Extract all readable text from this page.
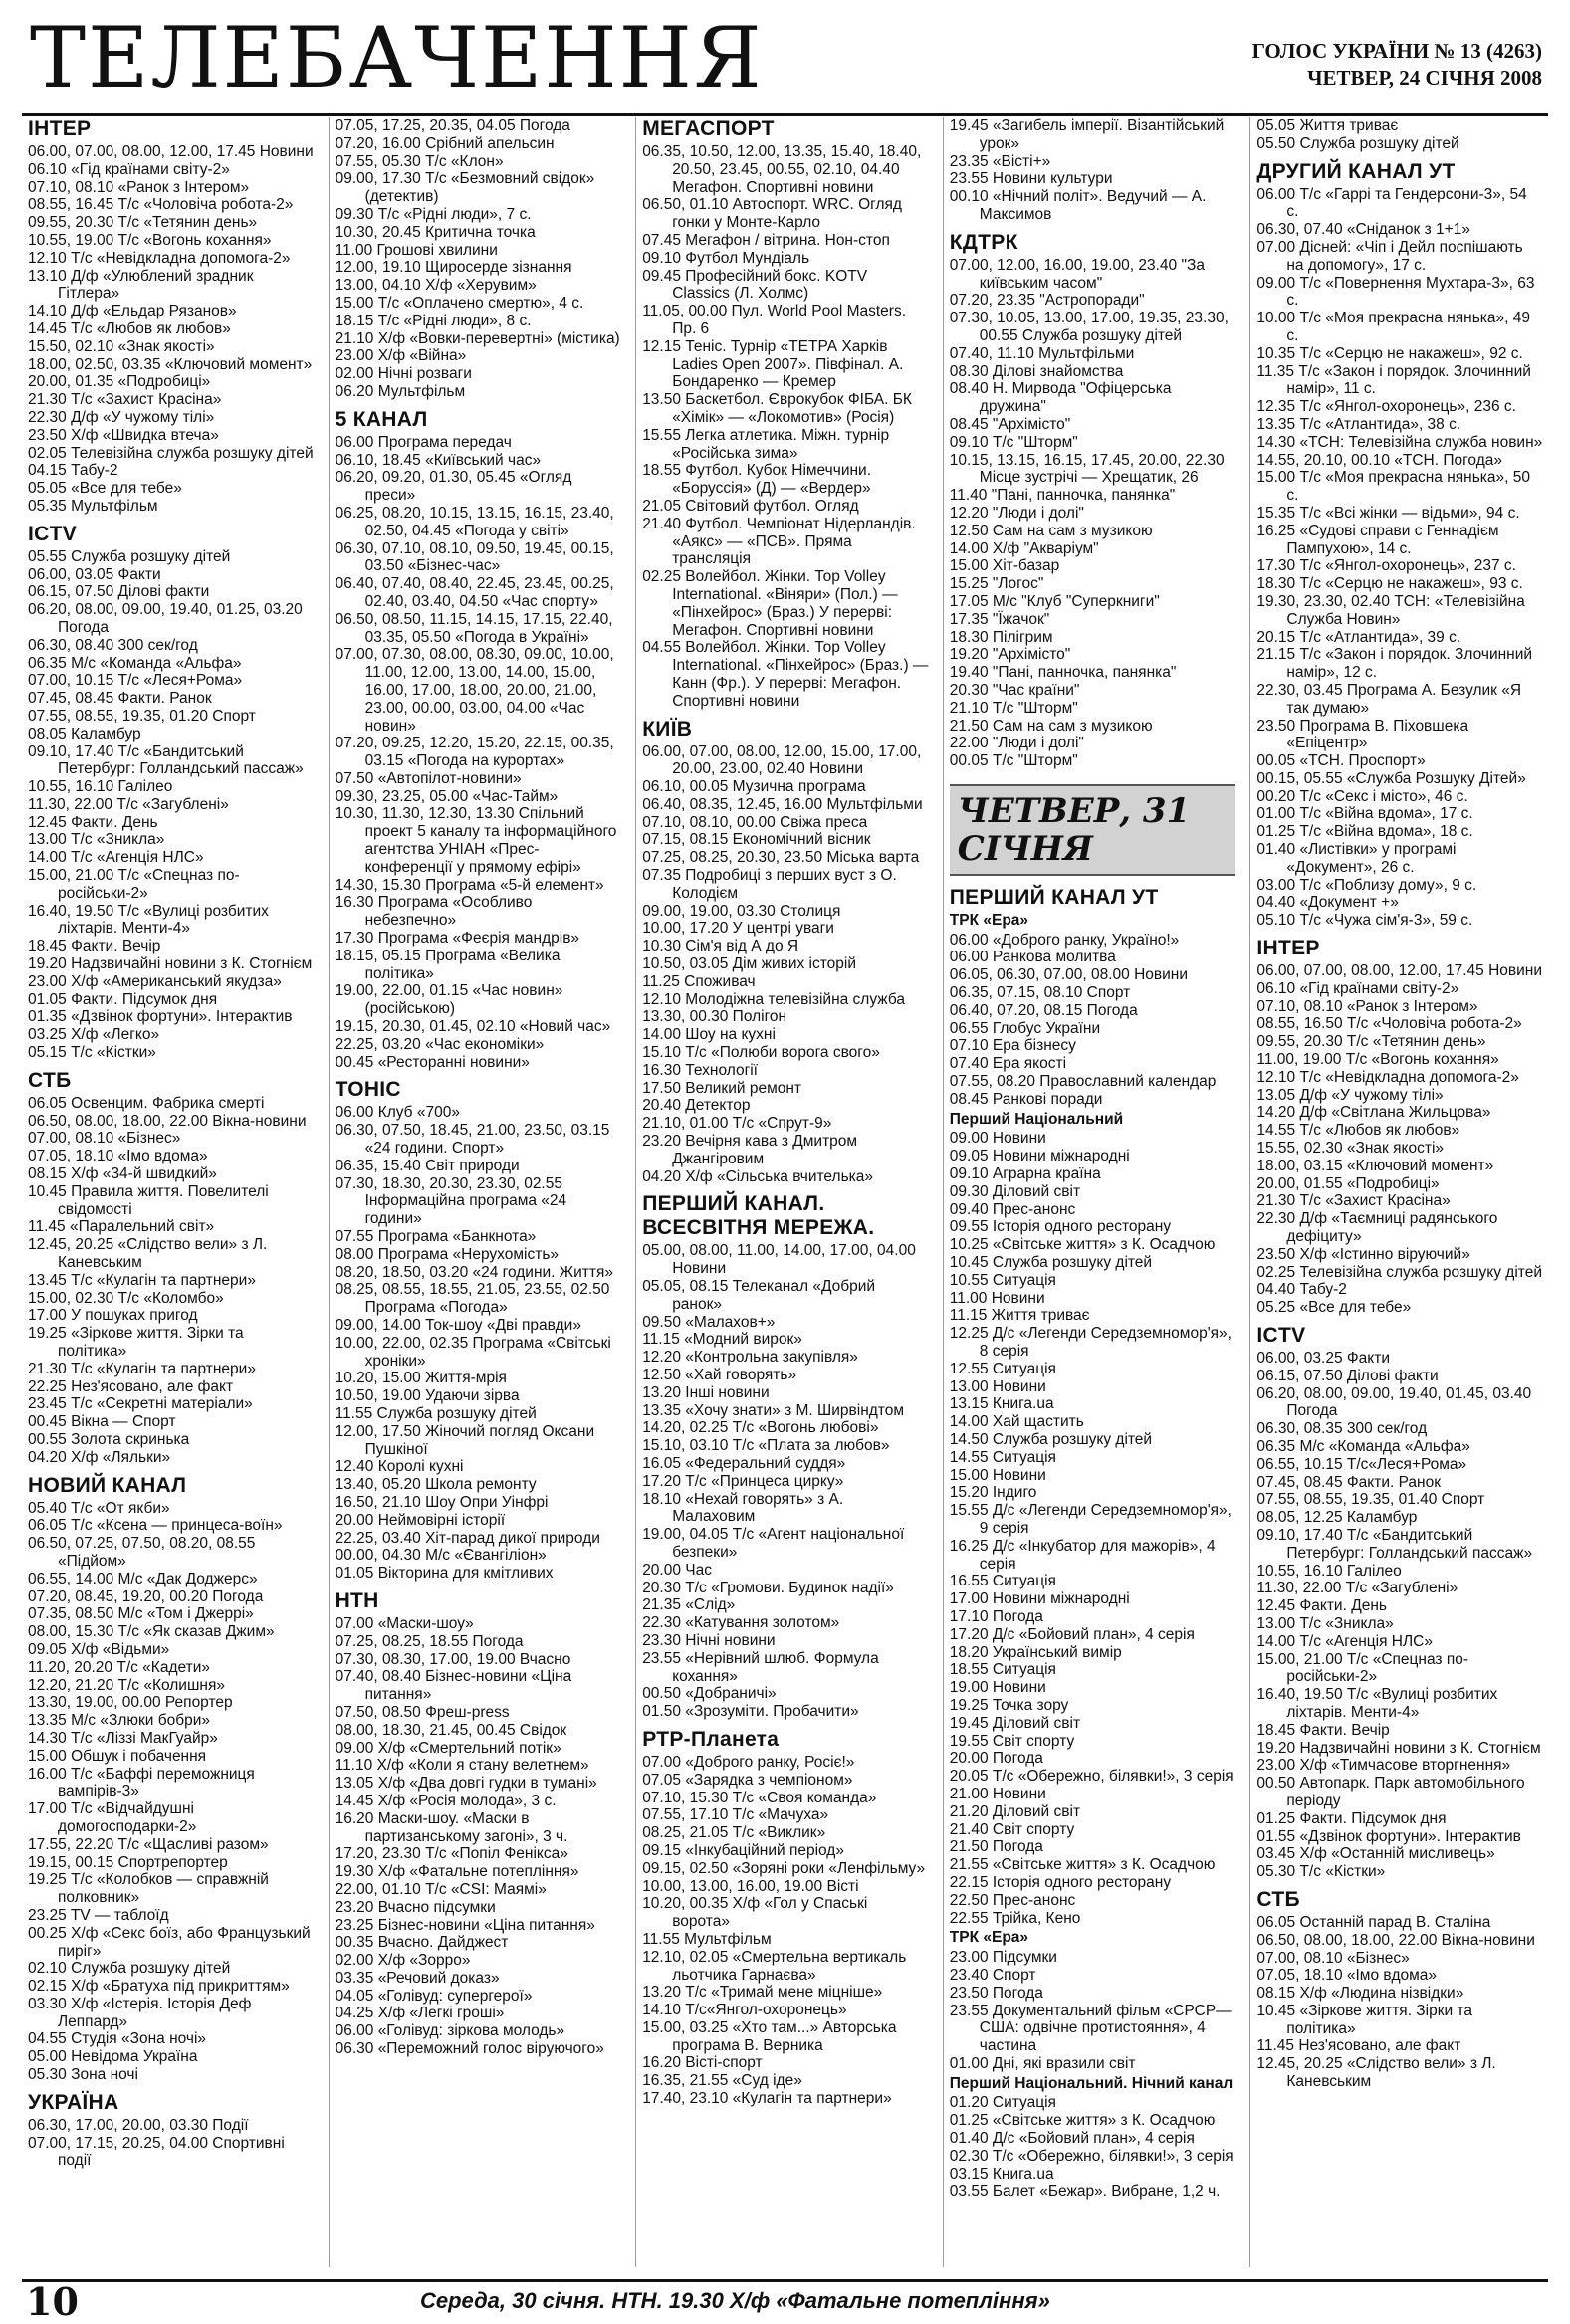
ТЕЛЕБАЧЕННЯ	ГОЛОС УКРАЇНИ № 13 (4263)
ЧЕТВЕР, 24 СІЧНЯ 2008
ІНТЕР
06.00, 07.00, 08.00, 12.00, 17.45 Новини
06.10 «Гід країнами світу-2»
07.10, 08.10 «Ранок з Інтером»
08.55, 16.45 Т/с «Чоловіча робота-2»
09.55, 20.30 Т/с «Тетянин день»
10.55, 19.00 Т/с «Вогонь кохання»
12.10 Т/с «Невідкладна допомога-2»
13.10 Д/ф «Улюблений зрадник Гітлера»
14.10 Д/ф «Ельдар Рязанов»
14.45 Т/с «Любов як любов»
15.50, 02.10 «Знак якості»
18.00, 02.50, 03.35 «Ключовий момент»
20.00, 01.35 «Подробиці»
21.30 Т/с «Захист Красіна»
22.30 Д/ф «У чужому тілі»
23.50 Х/ф «Швидка втеча»
02.05 Телевізійна служба розшуку дітей
04.15 Табу-2
05.05 «Все для тебе»
05.35 Мультфільм
ICTV
05.55 Служба розшуку дітей
06.00, 03.05 Факти
06.15, 07.50 Ділові факти
06.20, 08.00, 09.00, 19.40, 01.25, 03.20 Погода
06.30, 08.40 300 сек/год
06.35 М/с «Команда «Альфа»
07.00, 10.15 Т/с «Леся+Рома»
07.45, 08.45 Факти. Ранок
07.55, 08.55, 19.35, 01.20 Спорт
08.05 Каламбур
09.10, 17.40 Т/с «Бандитський Петербург: Голландський пассаж»
10.55, 16.10 Галілео
11.30, 22.00 Т/с «Загублені»
12.45 Факти. День
13.00 Т/с «Зникла»
14.00 Т/с «Агенція НЛС»
15.00, 21.00 Т/с «Спецназ по-російськи-2»
16.40, 19.50 Т/с «Вулиці розбитих ліхтарів. Менти-4»
18.45 Факти. Вечір
19.20 Надзвичайні новини з К. Стогнієм
23.00 Х/ф «Американський якудза»
01.05 Факти. Підсумок дня
01.35 «Дзвінок фортуни». Інтерактив
03.25 Х/ф «Легко»
05.15 Т/с «Кістки»
СТБ
06.05 Освенцим. Фабрика смерті
06.50, 08.00, 18.00, 22.00 Вікна-новини
07.00, 08.10 «Бізнес»
07.05, 18.10 «Імо вдома»
08.15 Х/ф «34-й швидкий»
10.45 Правила життя. Повелителі свідомості
11.45 «Паралельний світ»
12.45, 20.25 «Слідство вели» з Л. Каневським
13.45 Т/с «Кулагін та партнери»
15.00, 02.30 Т/с «Коломбо»
17.00 У пошуках пригод
19.25 «Зіркове життя. Зірки та політика»
21.30 Т/с «Кулагін та партнери»
22.25 Нез'ясовано, але факт
23.45 Т/с «Секретні матеріали»
00.45 Вікна — Спорт
00.55 Золота скринька
04.20 Х/ф «Ляльки»
НОВИЙ КАНАЛ
05.40 Т/с «От якби»
06.05 Т/с «Ксена — принцеса-воїн»
06.50, 07.25, 07.50, 08.20, 08.55 «Підйом»
06.55, 14.00 М/с «Дак Доджерс»
07.20, 08.45, 19.20, 00.20 Погода
07.35, 08.50 М/с «Том і Джеррі»
08.00, 15.30 Т/с «Як сказав Джим»
09.05 Х/ф «Відьми»
11.20, 20.20 Т/с «Кадети»
12.20, 21.20 Т/с «Колишня»
13.30, 19.00, 00.00 Репортер
13.35 М/с «Злюки бобри»
14.30 Т/с «Ліззі МакГуайр»
15.00 Обшук і побачення
16.00 Т/с «Баффі переможниця вампірів-3»
17.00 Т/с «Відчайдушні домогосподарки-2»
17.55, 22.20 Т/с «Щасливі разом»
19.15, 00.15 Спортрепортер
19.25 Т/с «Колобков — справжній полковник»
23.25 TV — таблоїд
00.25 Х/ф «Секс боїз, або Французький пиріг»
02.10 Служба розшуку дітей
02.15 Х/ф «Братуха під прикриттям»
03.30 Х/ф «Істерія. Історія Деф Леппард»
04.55 Студія «Зона ночі»
05.00 Невідома Україна
05.30 Зона ночі
УКРАЇНА
06.30, 17.00, 20.00, 03.30 Події
07.00, 17.15, 20.25, 04.00 Спортивні події
07.05, 17.25, 20.35, 04.05 Погода
07.20, 16.00 Срібний апельсин
07.55, 05.30 Т/с «Клон»
09.00, 17.30 Т/с «Безмовний свідок» (детектив)
09.30 Т/с «Рідні люди», 7 с.
10.30, 20.45 Критична точка
11.00 Грошові хвилини
12.00, 19.10 Щиросерде зізнання
13.00, 04.10 Х/ф «Херувим»
15.00 Т/с «Оплачено смертю», 4 с.
18.15 Т/с «Рідні люди», 8 с.
21.10 Х/ф «Вовки-перевертні» (містика)
23.00 Х/ф «Війна»
02.00 Нічні розваги
06.20 Мультфільм
5 КАНАЛ
06.00 Програма передач
06.10, 18.45 «Київський час»
06.20, 09.20, 01.30, 05.45 «Огляд преси»
06.25, 08.20, 10.15, 13.15, 16.15, 23.40, 02.50, 04.45 «Погода у світі»
06.30, 07.10, 08.10, 09.50, 19.45, 00.15, 03.50 «Бізнес-час»
06.40, 07.40, 08.40, 22.45, 23.45, 00.25, 02.40, 03.40, 04.50 «Час спорту»
06.50, 08.50, 11.15, 14.15, 17.15, 22.40, 03.35, 05.50 «Погода в Україні»
07.00, 07.30, 08.00, 08.30, 09.00, 10.00, 11.00, 12.00, 13.00, 14.00, 15.00, 16.00, 17.00, 18.00, 20.00, 21.00, 23.00, 00.00, 03.00, 04.00 «Час новин»
07.20, 09.25, 12.20, 15.20, 22.15, 00.35, 03.15 «Погода на курортах»
07.50 «Автопілот-новини»
09.30, 23.25, 05.00 «Час-Тайм»
10.30, 11.30, 12.30, 13.30 Спільний проект 5 каналу та інформаційного агентства УНІАН «Прес-конференції у прямому ефірі»
14.30, 15.30 Програма «5-й елемент»
16.30 Програма «Особливо небезпечно»
17.30 Програма «Феєрія мандрів»
18.15, 05.15 Програма «Велика політика»
19.00, 22.00, 01.15 «Час новин» (російською)
19.15, 20.30, 01.45, 02.10 «Новий час»
22.25, 03.20 «Час економіки»
00.45 «Ресторанні новини»
ТОНІС
06.00 Клуб «700»
06.30, 07.50, 18.45, 21.00, 23.50, 03.15 «24 години. Спорт»
06.35, 15.40 Світ природи
07.30, 18.30, 20.30, 23.30, 02.55 Інформаційна програма «24 години»
07.55 Програма «Банкнота»
08.00 Програма «Нерухомість»
08.20, 18.50, 03.20 «24 години. Життя»
08.25, 08.55, 18.55, 21.05, 23.55, 02.50 Програма «Погода»
09.00, 14.00 Ток-шоу «Дві правди»
10.00, 22.00, 02.35 Програма «Світські хроніки»
10.20, 15.00 Життя-мрія
10.50, 19.00 Удаючи зірва
11.55 Служба розшуку дітей
12.00, 17.50 Жіночий погляд Оксани Пушкіної
12.40 Королі кухні
13.40, 05.20 Школа ремонту
16.50, 21.10 Шоу Опри Уінфрі
20.00 Неймовірні історії
22.25, 03.40 Хіт-парад дикої природи
00.00, 04.30 М/с «Євангіліон»
01.05 Вікторина для кмітливих
НТН
07.00 «Маски-шоу»
07.25, 08.25, 18.55 Погода
07.30, 08.30, 17.00, 19.00 Вчасно
07.40, 08.40 Бізнес-новини «Ціна питання»
07.50, 08.50 Фреш-press
08.00, 18.30, 21.45, 00.45 Свідок
09.00 Х/ф «Смертельний потік»
11.10 Х/ф «Коли я стану велетнем»
13.05 Х/ф «Два довгі гудки в тумані»
14.45 Х/ф «Росія молода», 3 с.
16.20 Маски-шоу. «Маски в партизанському загоні», 3 ч.
17.20, 23.30 Т/с «Попіл Фенікса»
19.30 Х/ф «Фатальне потепління»
22.00, 01.10 Т/с «CSI: Маямі»
23.20 Вчасно підсумки
23.25 Бізнес-новини «Ціна питання»
00.35 Вчасно. Дайджест
02.00 Х/ф «Зорро»
03.35 «Речовий доказ»
04.05 «Голівуд: супергерої»
04.25 Х/ф «Легкі гроші»
06.00 «Голівуд: зіркова молодь»
06.30 «Переможний голос віруючого»
МЕГАСПОРТ
06.35, 10.50, 12.00, 13.35, 15.40, 18.40, 20.50, 23.45, 00.55, 02.10, 04.40 Мегафон. Спортивні новини
06.50, 01.10 Автоспорт. WRC. Огляд гонки у Монте-Карло
07.45 Мегафон / вітрина. Нон-стоп
09.10 Футбол Мундіаль
09.45 Професійний бокс. KOTV Classics (Л. Холмс)
11.05, 00.00 Пул. World Pool Masters. Пр. 6
12.15 Теніс. Турнір «ТЕТРА Харків Ladies Open 2007». Півфінал. А. Бондаренко — Кремер
13.50 Баскетбол. Єврокубок ФІБА. БК «Хімік» — «Локомотив» (Росія)
15.55 Легка атлетика. Міжн. турнір «Російська зима»
18.55 Футбол. Кубок Німеччини. «Боруссія» (Д) — «Вердер»
21.05 Світовий футбол. Огляд
21.40 Футбол. Чемпіонат Нідерландів. «Аякс» — «ПСВ». Пряма трансляція
02.25 Волейбол. Жінки. Тор Volley International. «Віняри» (Пол.) — «Пінхейрос» (Браз.) У перерві: Мегафон. Спортивні новини
04.55 Волейбол. Жінки. Тор Volley International. «Пінхейрос» (Браз.) — Канн (Фр.). У перерві: Мегафон. Спортивні новини
КИЇВ
06.00, 07.00, 08.00, 12.00, 15.00, 17.00, 20.00, 23.00, 02.40 Новини
06.10, 00.05 Музична програма
06.40, 08.35, 12.45, 16.00 Мультфільми
07.10, 08.10, 00.00 Свіжа преса
07.15, 08.15 Економічний вісник
07.25, 08.25, 20.30, 23.50 Міська варта
07.35 Подробиці з перших вуст з О. Колодієм
09.00, 19.00, 03.30 Столиця
10.00, 17.20 У центрі уваги
10.30 Сім'я від А до Я
10.50, 03.05 Дім живих історій
11.25 Споживач
12.10 Молодіжна телевізійна служба
13.30, 00.30 Полігон
14.00 Шоу на кухні
15.10 Т/с «Полюби ворога свого»
16.30 Технології
17.50 Великий ремонт
20.40 Детектор
21.10, 01.00 Т/с «Спрут-9»
23.20 Вечірня кава з Дмитром Джангіровим
04.20 Х/ф «Сільська вчителька»
ПЕРШИЙ КАНАЛ. ВСЕСВІТНЯ МЕРЕЖА.
05.00, 08.00, 11.00, 14.00, 17.00, 04.00 Новини
05.05, 08.15 Телеканал «Добрий ранок»
09.50 «Малахов+»
11.15 «Модний вирок»
12.20 «Контрольна закупівля»
12.50 «Хай говорять»
13.20 Інші новини
13.35 «Хочу знати» з М. Ширвіндтом
14.20, 02.25 Т/с «Вогонь любові»
15.10, 03.10 Т/с «Плата за любов»
16.05 «Федеральний суддя»
17.20 Т/с «Принцеса цирку»
18.10 «Нехай говорять» з А. Малаховим
19.00, 04.05 Т/с «Агент національної безпеки»
20.00 Час
20.30 Т/с «Громови. Будинок надії»
21.35 «Слід»
22.30 «Катування золотом»
23.30 Нічні новини
23.55 «Нерівний шлюб. Формула кохання»
00.50 «Добраничі»
01.50 «Зрозуміти. Пробачити»
РТР-Планета
07.00 «Доброго ранку, Росіє!»
07.05 «Зарядка з чемпіоном»
07.10, 15.30 Т/с «Своя команда»
07.55, 17.10 Т/с «Мачуха»
08.25, 21.05 Т/с «Виклик»
09.15 «Інкубаційний період»
09.15, 02.50 «Зоряні роки «Ленфільму»
10.00, 13.00, 16.00, 19.00 Вісті
10.20, 00.35 Х/ф «Гол у Спаські ворота»
11.55 Мультфільм
12.10, 02.05 «Смертельна вертикаль льотчика Гарнаєва»
13.20 Т/с «Тримай мене міцніше»
14.10 Т/с«Янгол-охоронець»
15.00, 03.25 «Хто там...» Авторська програма В. Верника
16.20 Вісті-спорт
16.35, 21.55 «Суд іде»
17.40, 23.10 «Кулагін та партнери»
19.45 «Загибель імперії. Візантійський урок»
23.35 «Вісті+»
23.55 Новини культури
00.10 «Нічний політ». Ведучий — А. Максимов
КДТРК
07.00, 12.00, 16.00, 19.00, 23.40 "За київським часом"
07.20, 23.35 "Астропоради"
07.30, 10.05, 13.00, 17.00, 19.35, 23.30, 00.55 Служба розшуку дітей
07.40, 11.10 Мультфільми
08.30 Ділові знайомства
08.40 Н. Мирвода "Офіцерська дружина"
08.45 "Архімісто"
09.10 Т/с "Шторм"
10.15, 13.15, 16.15, 17.45, 20.00, 22.30 Місце зустрічі — Хрещатик, 26
11.40 "Пані, панночка, панянка"
12.20 "Люди і долі"
12.50 Сам на сам з музикою
14.00 Х/ф "Акваріум"
15.00 Хіт-базар
15.25 "Логос"
17.05 М/с "Клуб "Суперкниги"
17.35 "Їжачок"
18.30 Пілігрим
19.20 "Архімісто"
19.40 "Пані, панночка, панянка"
20.30 "Час країни"
21.10 Т/с "Шторм"
21.50 Сам на сам з музикою
22.00 "Люди і долі"
00.05 Т/с "Шторм"
ЧЕТВЕР, 31 СІЧНЯ
ПЕРШИЙ КАНАЛ УТ
ТРК «Ера»
06.00 «Доброго ранку, Україно!»
06.00 Ранкова молитва
06.05, 06.30, 07.00, 08.00 Новини
06.35, 07.15, 08.10 Спорт
06.40, 07.20, 08.15 Погода
06.55 Глобус України
07.10 Ера бізнесу
07.40 Ера якості
07.55, 08.20 Православний календар
08.45 Ранкові поради
Перший Національний
09.00 Новини
09.05 Новини міжнародні
09.10 Аграрна країна
09.30 Діловий світ
09.40 Прес-анонс
09.55 Історія одного ресторану
10.25 «Світське життя» з К. Осадчою
10.45 Служба розшуку дітей
10.55 Ситуація
11.00 Новини
11.15 Життя триває
12.25 Д/с «Легенди Середземномор'я», 8 серія
12.55 Ситуація
13.00 Новини
13.15 Книга.ua
14.00 Хай щастить
14.50 Служба розшуку дітей
14.55 Ситуація
15.00 Новини
15.20 Індиго
15.55 Д/с «Легенди Середземномор'я», 9 серія
16.25 Д/с «Інкубатор для мажорів», 4 серія
16.55 Ситуація
17.00 Новини міжнародні
17.10 Погода
17.20 Д/с «Бойовий план», 4 серія
18.20 Український вимір
18.55 Ситуація
19.00 Новини
19.25 Точка зору
19.45 Діловий світ
19.55 Світ спорту
20.00 Погода
20.05 Т/с «Обережно, білявки!», 3 серія
21.00 Новини
21.20 Діловий світ
21.40 Світ спорту
21.50 Погода
21.55 «Світське життя» з К. Осадчою
22.15 Історія одного ресторану
22.50 Прес-анонс
22.55 Трійка, Кено
ТРК «Ера»
23.00 Підсумки
23.40 Спорт
23.50 Погода
23.55 Документальний фільм «СРСР—США: одвічне протистояння», 4 частина
01.00 Дні, які вразили світ
Перший Національний. Нічний канал
01.20 Ситуація
01.25 «Світське життя» з К. Осадчою
01.40 Д/с «Бойовий план», 4 серія
02.30 Т/с «Обережно, білявки!», 3 серія
03.15 Книга.ua
03.55 Балет «Бежар». Вибране, 1,2 ч.
05.05 Життя триває
05.50 Служба розшуку дітей
ДРУГИЙ КАНАЛ УТ
06.00 Т/с «Гаррі та Гендерсони-3», 54 с.
06.30, 07.40 «Сніданок з 1+1»
07.00 Дісней: «Чіп і Дейл поспішають на допомогу», 17 с.
09.00 Т/с «Повернення Мухтара-3», 63 с.
10.00 Т/с «Моя прекрасна нянька», 49 с.
10.35 Т/с «Серцю не накажеш», 92 с.
11.35 Т/с «Закон і порядок. Злочинний намір», 11 с.
12.35 Т/с «Янгол-охоронець», 236 с.
13.35 Т/с «Атлантида», 38 с.
14.30 «ТСН: Телевізійна служба новин»
14.55, 20.10, 00.10 «ТСН. Погода»
15.00 Т/с «Моя прекрасна нянька», 50 с.
15.35 Т/с «Всі жінки — відьми», 94 с.
16.25 «Судові справи с Геннадієм Пампухою», 14 с.
17.30 Т/с «Янгол-охоронець», 237 с.
18.30 Т/с «Серцю не накажеш», 93 с.
19.30, 23.30, 02.40 ТСН: «Телевізійна Служба Новин»
20.15 Т/с «Атлантида», 39 с.
21.15 Т/с «Закон і порядок. Злочинний намір», 12 с.
22.30, 03.45 Програма А. Безулик «Я так думаю»
23.50 Програма В. Піховшека «Епіцентр»
00.05 «ТСН. Проспорт»
00.15, 05.55 «Служба Розшуку Дітей»
00.20 Т/с «Секс і місто», 46 с.
01.00 Т/с «Війна вдома», 17 с.
01.25 Т/с «Війна вдома», 18 с.
01.40 «Лиcтівки» у програмі «Документ», 26 с.
03.00 Т/с «Поблизу дому», 9 с.
04.40 «Документ +»
05.10 Т/с «Чужа сім'я-3», 59 с.
ІНТЕР
06.00, 07.00, 08.00, 12.00, 17.45 Новини
06.10 «Гід країнами світу-2»
07.10, 08.10 «Ранок з Інтером»
08.55, 16.50 Т/с «Чоловіча робота-2»
09.55, 20.30 Т/с «Тетянин день»
11.00, 19.00 Т/с «Вогонь кохання»
12.10 Т/с «Невідкладна допомога-2»
13.05 Д/ф «У чужому тілі»
14.20 Д/ф «Світлана Жильцова»
14.55 Т/с «Любов як любов»
15.55, 02.30 «Знак якості»
18.00, 03.15 «Ключовий момент»
20.00, 01.55 «Подробиці»
21.30 Т/с «Захист Красіна»
22.30 Д/ф «Таємниці радянського дефіциту»
23.50 Х/ф «Істинно віруючий»
02.25 Телевізійна служба розшуку дітей
04.40 Табу-2
05.25 «Все для тебе»
ICTV
06.00, 03.25 Факти
06.15, 07.50 Ділові факти
06.20, 08.00, 09.00, 19.40, 01.45, 03.40 Погода
06.30, 08.35 300 сек/год
06.35 М/с «Команда «Альфа»
06.55, 10.15 Т/с«Леся+Рома»
07.45, 08.45 Факти. Ранок
07.55, 08.55, 19.35, 01.40 Спорт
08.05, 12.25 Каламбур
09.10, 17.40 Т/с «Бандитський Петербург: Голландський пассаж»
10.55, 16.10 Галілео
11.30, 22.00 Т/с «Загублені»
12.45 Факти. День
13.00 Т/с «Зникла»
14.00 Т/с «Агенція НЛС»
15.00, 21.00 Т/с «Спецназ по-російськи-2»
16.40, 19.50 Т/с «Вулиці розбитих ліхтарів. Менти-4»
18.45 Факти. Вечір
19.20 Надзвичайні новини з К. Стогнієм
23.00 Х/ф «Тимчасове вторгнення»
00.50 Автопарк. Парк автомобільного періоду
01.25 Факти. Підсумок дня
01.55 «Дзвінок фортуни». Інтерактив
03.45 Х/ф «Останній мисливець»
05.30 Т/с «Кістки»
СТБ
06.05 Останній парад В. Сталіна
06.50, 08.00, 18.00, 22.00 Вікна-новини
07.00, 08.10 «Бізнес»
07.05, 18.10 «Імо вдома»
08.15 Х/ф «Людина нізвідки»
10.45 «Зіркове життя. Зірки та політика»
11.45 Нез'ясовано, але факт
12.45, 20.25 «Слідство вели» з Л. Каневським
10	Середа, 30 січня. НТН. 19.30 Х/ф «Фатальне потепління»
